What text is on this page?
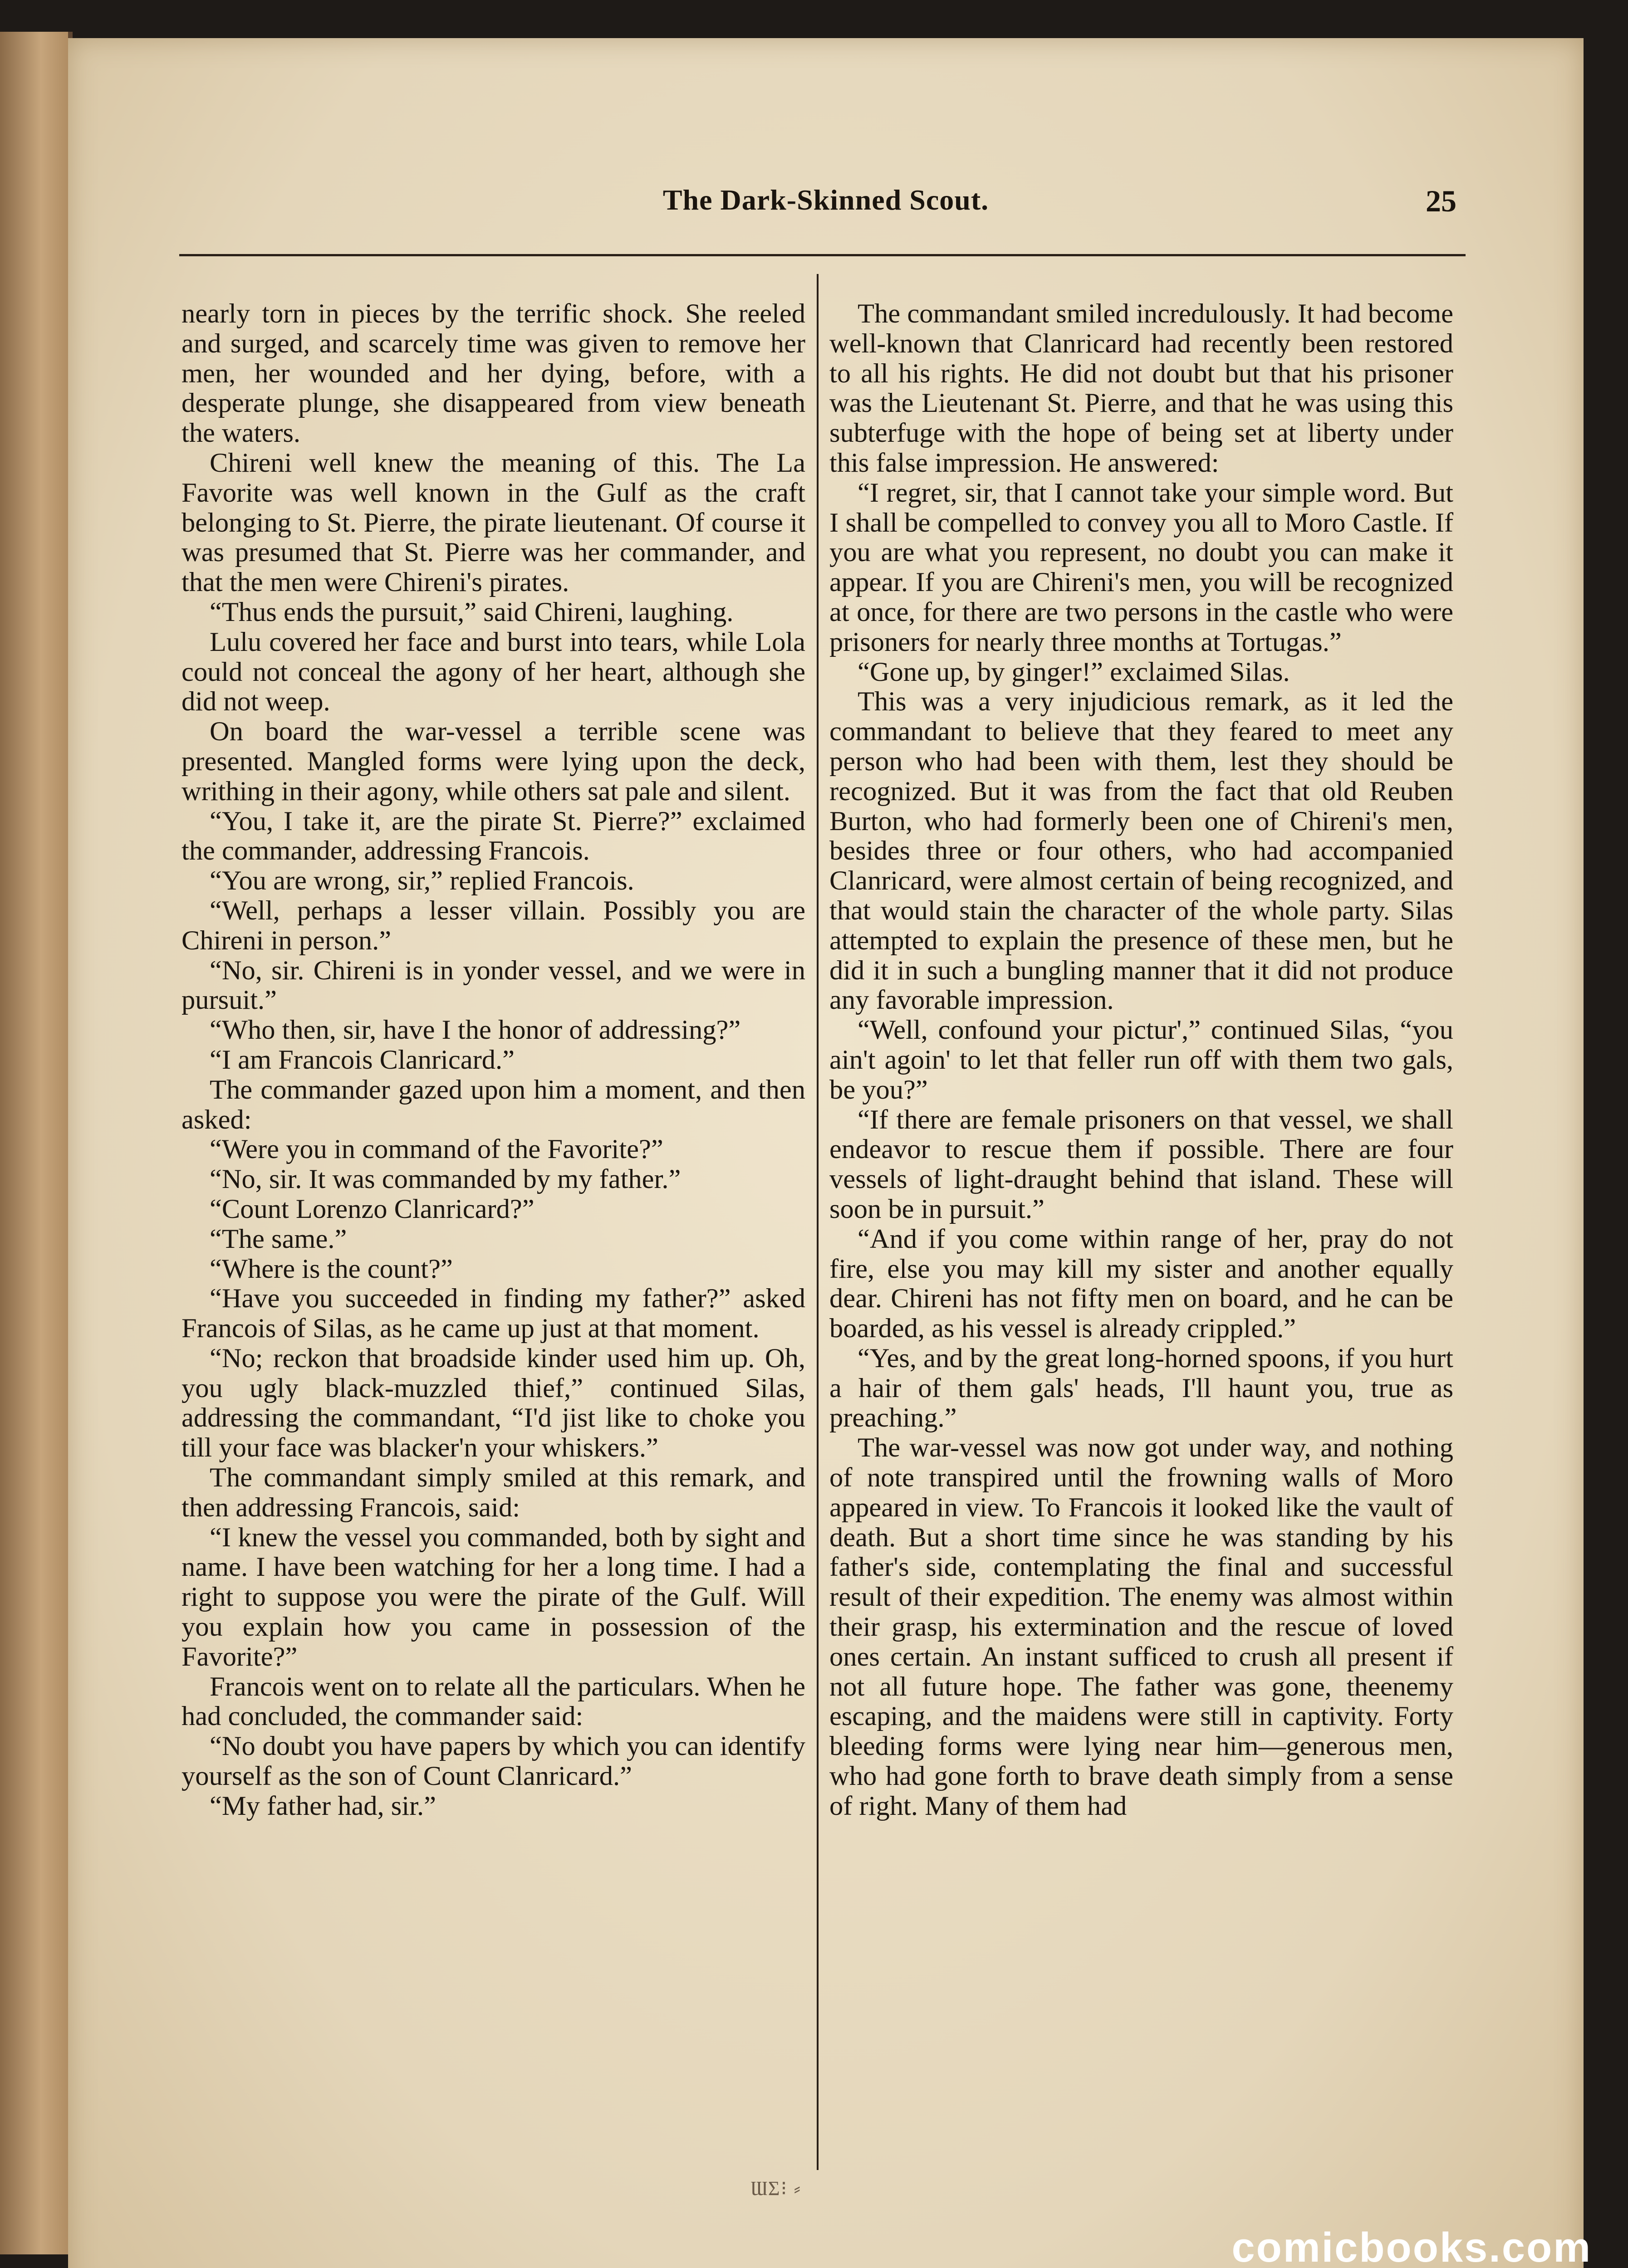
The Dark-Skinned Scout.	25

nearly torn in pieces by the terrific shock. She reeled and surged, and scarcely time was given to remove her men, her wounded and her dying, before, with a desperate plunge, she disappeared from view beneath the waters.

Chireni well knew the meaning of this. The La Favorite was well known in the Gulf as the craft belonging to St. Pierre, the pirate lieutenant. Of course it was presumed that St. Pierre was her commander, and that the men were Chireni's pirates.

“Thus ends the pursuit,” said Chireni, laughing.

Lulu covered her face and burst into tears, while Lola could not conceal the agony of her heart, although she did not weep.

On board the war-vessel a terrible scene was presented. Mangled forms were lying upon the deck, writhing in their agony, while others sat pale and silent.

“You, I take it, are the pirate St. Pierre?” exclaimed the commander, addressing Francois.

“You are wrong, sir,” replied Francois.

“Well, perhaps a lesser villain. Possibly you are Chireni in person.”

“No, sir. Chireni is in yonder vessel, and we were in pursuit.”

“Who then, sir, have I the honor of addressing?”

“I am Francois Clanricard.”

The commander gazed upon him a moment, and then asked:

“Were you in command of the Favorite?”

“No, sir. It was commanded by my father.”

“Count Lorenzo Clanricard?”

“The same.”

“Where is the count?”

“Have you succeeded in finding my father?” asked Francois of Silas, as he came up just at that moment.

“No; reckon that broadside kinder used him up. Oh, you ugly black-muzzled thief,” continued Silas, addressing the commandant, “I'd jist like to choke you till your face was blacker'n your whiskers.”

The commandant simply smiled at this remark, and then addressing Francois, said:

“I knew the vessel you commanded, both by sight and name. I have been watching for her a long time. I had a right to suppose you were the pirate of the Gulf. Will you explain how you came in possession of the Favorite?”

Francois went on to relate all the particulars. When he had concluded, the commander said:

“No doubt you have papers by which you can identify yourself as the son of Count Clanricard.”

“My father had, sir.”

The commandant smiled incredulously. It had become well-known that Clanricard had recently been restored to all his rights. He did not doubt but that his prisoner was the Lieutenant St. Pierre, and that he was using this subterfuge with the hope of being set at liberty under this false impression. He answered:

“I regret, sir, that I cannot take your simple word. But I shall be compelled to convey you all to Moro Castle. If you are what you represent, no doubt you can make it appear. If you are Chireni's men, you will be recognized at once, for there are two persons in the castle who were prisoners for nearly three months at Tortugas.”

“Gone up, by ginger!” exclaimed Silas.

This was a very injudicious remark, as it led the commandant to believe that they feared to meet any person who had been with them, lest they should be recognized. But it was from the fact that old Reuben Burton, who had formerly been one of Chireni's men, besides three or four others, who had accompanied Clanricard, were almost certain of being recognized, and that would stain the character of the whole party. Silas attempted to explain the presence of these men, but he did it in such a bungling manner that it did not produce any favorable impression.

“Well, confound your pictur',” continued Silas, “you ain't agoin' to let that feller run off with them two gals, be you?”

“If there are female prisoners on that vessel, we shall endeavor to rescue them if possible. There are four vessels of light-draught behind that island. These will soon be in pursuit.”

“And if you come within range of her, pray do not fire, else you may kill my sister and another equally dear. Chireni has not fifty men on board, and he can be boarded, as his vessel is already crippled.”

“Yes, and by the great long-horned spoons, if you hurt a hair of them gals' heads, I'll haunt you, true as preaching.”

The war-vessel was now got under way, and nothing of note transpired until the frowning walls of Moro appeared in view. To Francois it looked like the vault of death. But a short time since he was standing by his father's side, contemplating the final and successful result of their expedition. The enemy was almost within their grasp, his extermination and the rescue of loved ones certain. An instant sufficed to crush all present if not all future hope. The father was gone, theenemy escaping, and the maidens were still in captivity. Forty bleeding forms were lying near him—generous men, who had gone forth to brave death simply from a sense of right. Many of them had

ƜƩ⁝ ⸗
comicbooks.com
